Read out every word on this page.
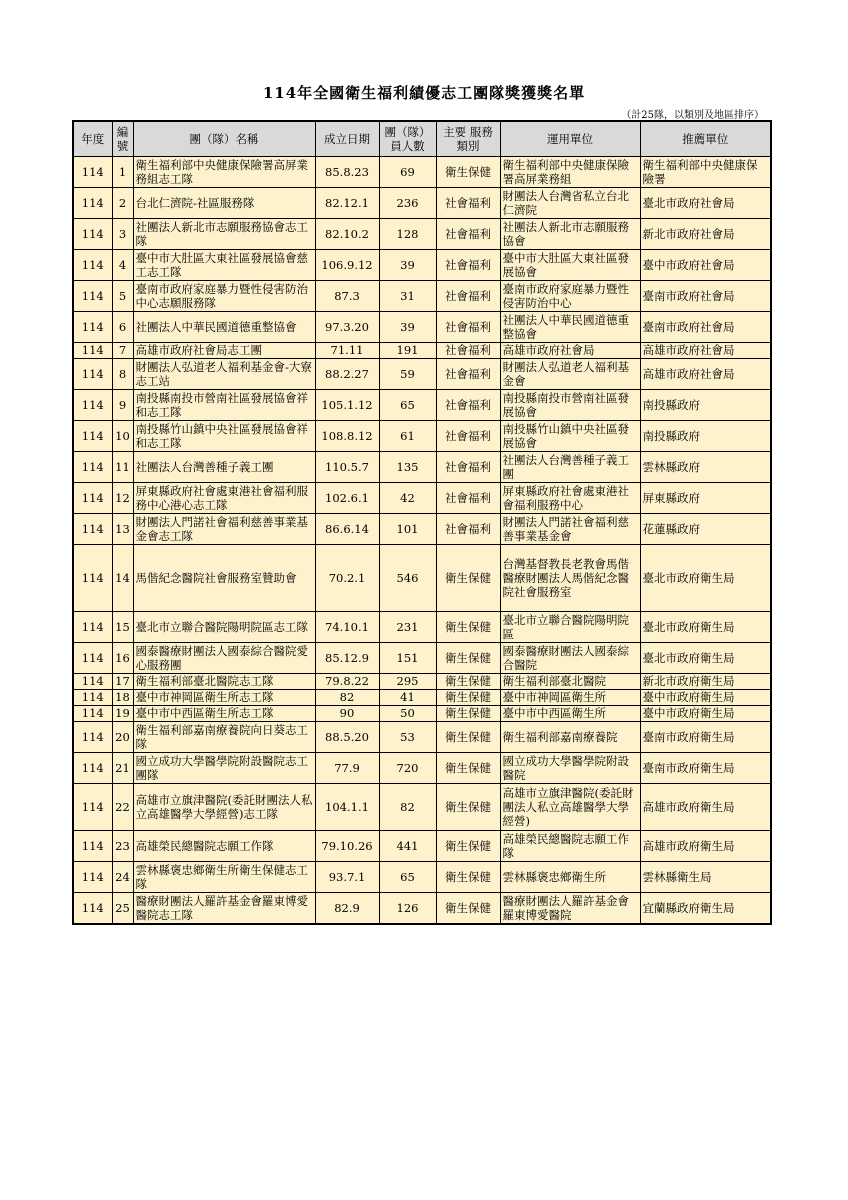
114年全國衛生福利績優志工團隊獎獲獎名單
（計25隊，以類別及地區排序）
年度	編號	團（隊）名稱	成立日期	團（隊）員人數	主要 服務類別	運用單位	推薦單位
114	1	衛生福利部中央健康保險署高屏業務組志工隊	85.8.23	69	衛生保健	衛生福利部中央健康保險署高屏業務組	衛生福利部中央健康保險署
114	2	台北仁濟院-社區服務隊	82.12.1	236	社會福利	財團法人台灣省私立台北仁濟院	臺北市政府社會局
114	3	社團法人新北市志願服務協會志工隊	82.10.2	128	社會福利	社團法人新北市志願服務協會	新北市政府社會局
114	4	臺中市大肚區大東社區發展協會慈工志工隊	106.9.12	39	社會福利	臺中市大肚區大東社區發展協會	臺中市政府社會局
114	5	臺南市政府家庭暴力暨性侵害防治中心志願服務隊	87.3	31	社會福利	臺南市政府家庭暴力暨性侵害防治中心	臺南市政府社會局
114	6	社團法人中華民國道德重整協會	97.3.20	39	社會福利	社團法人中華民國道德重整協會	臺南市政府社會局
114	7	高雄市政府社會局志工團	71.11	191	社會福利	高雄市政府社會局	高雄市政府社會局
114	8	財團法人弘道老人福利基金會-大寮志工站	88.2.27	59	社會福利	財團法人弘道老人福利基金會	高雄市政府社會局
114	9	南投縣南投市營南社區發展協會祥和志工隊	105.1.12	65	社會福利	南投縣南投市營南社區發展協會	南投縣政府
114	10	南投縣竹山鎮中央社區發展協會祥和志工隊	108.8.12	61	社會福利	南投縣竹山鎮中央社區發展協會	南投縣政府
114	11	社團法人台灣善種子義工團	110.5.7	135	社會福利	社團法人台灣善種子義工團	雲林縣政府
114	12	屏東縣政府社會處東港社會福利服務中心港心志工隊	102.6.1	42	社會福利	屏東縣政府社會處東港社會福利服務中心	屏東縣政府
114	13	財團法人門諾社會福利慈善事業基金會志工隊	86.6.14	101	社會福利	財團法人門諾社會福利慈善事業基金會	花蓮縣政府
114	14	馬偕紀念醫院社會服務室贊助會	70.2.1	546	衛生保健	台灣基督教長老教會馬偕醫療財團法人馬偕紀念醫院社會服務室	臺北市政府衛生局
114	15	臺北市立聯合醫院陽明院區志工隊	74.10.1	231	衛生保健	臺北市立聯合醫院陽明院區	臺北市政府衛生局
114	16	國泰醫療財團法人國泰綜合醫院愛心服務團	85.12.9	151	衛生保健	國泰醫療財團法人國泰綜合醫院	臺北市政府衛生局
114	17	衛生福利部臺北醫院志工隊	79.8.22	295	衛生保健	衛生福利部臺北醫院	新北市政府衛生局
114	18	臺中市神岡區衛生所志工隊	82	41	衛生保健	臺中市神岡區衛生所	臺中市政府衛生局
114	19	臺中市中西區衛生所志工隊	90	50	衛生保健	臺中市中西區衛生所	臺中市政府衛生局
114	20	衛生福利部嘉南療養院向日葵志工隊	88.5.20	53	衛生保健	衛生福利部嘉南療養院	臺南市政府衛生局
114	21	國立成功大學醫學院附設醫院志工團隊	77.9	720	衛生保健	國立成功大學醫學院附設醫院	臺南市政府衛生局
114	22	高雄市立旗津醫院(委託財團法人私立高雄醫學大學經營)志工隊	104.1.1	82	衛生保健	高雄市立旗津醫院(委託財團法人私立高雄醫學大學經營)	高雄市政府衛生局
114	23	高雄榮民總醫院志願工作隊	79.10.26	441	衛生保健	高雄榮民總醫院志願工作隊	高雄市政府衛生局
114	24	雲林縣褒忠鄉衛生所衛生保健志工隊	93.7.1	65	衛生保健	雲林縣褒忠鄉衛生所	雲林縣衛生局
114	25	醫療財團法人羅許基金會羅東博愛醫院志工隊	82.9	126	衛生保健	醫療財團法人羅許基金會羅東博愛醫院	宜蘭縣政府衛生局
